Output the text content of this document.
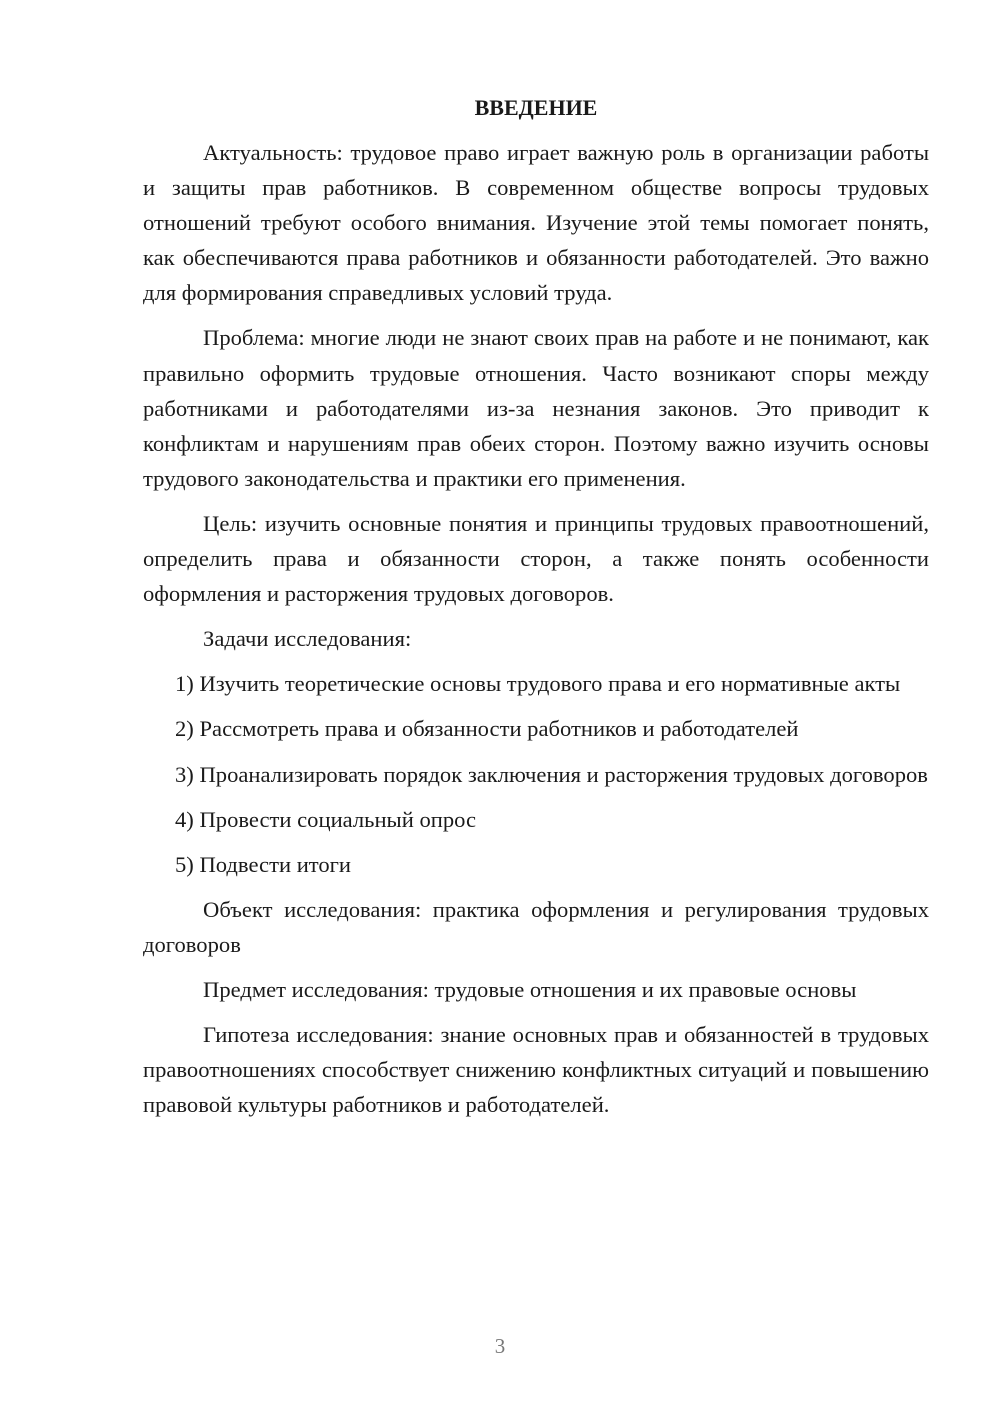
ВВЕДЕНИЕ
Актуальность: трудовое право играет важную роль в организации работы и защиты прав работников. В современном обществе вопросы трудовых отношений требуют особого внимания. Изучение этой темы помогает понять, как обеспечиваются права работников и обязанности работодателей. Это важно для формирования справедливых условий труда.
Проблема: многие люди не знают своих прав на работе и не понимают, как правильно оформить трудовые отношения. Часто возникают споры между работниками и работодателями из-за незнания законов. Это приводит к конфликтам и нарушениям прав обеих сторон. Поэтому важно изучить основы трудового законодательства и практики его применения.
Цель: изучить основные понятия и принципы трудовых правоотношений, определить права и обязанности сторон, а также понять особенности оформления и расторжения трудовых договоров.
Задачи исследования:
1) Изучить теоретические основы трудового права и его нормативные акты
2) Рассмотреть права и обязанности работников и работодателей
3) Проанализировать порядок заключения и расторжения трудовых договоров
4) Провести социальный опрос
5) Подвести итоги
Объект исследования: практика оформления и регулирования трудовых договоров
Предмет исследования: трудовые отношения и их правовые основы
Гипотеза исследования: знание основных прав и обязанностей в трудовых правоотношениях способствует снижению конфликтных ситуаций и повышению правовой культуры работников и работодателей.
3
